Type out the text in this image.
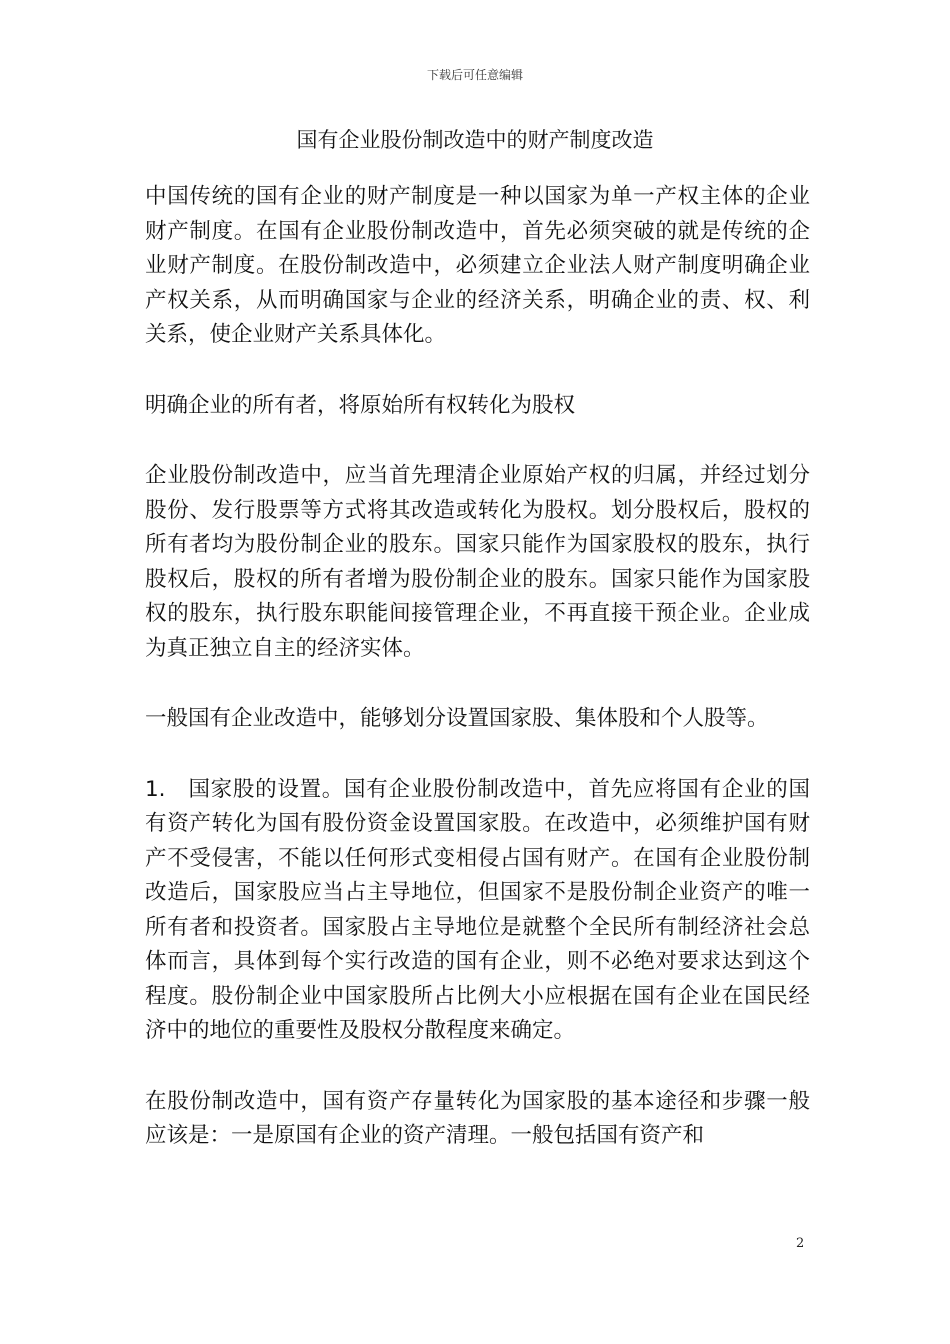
下载后可任意编辑
国有企业股份制改造中的财产制度改造

中国传统的国有企业的财产制度是一种以国家为单一产权主体的企业财产制度。在国有企业股份制改造中，首先必须突破的就是传统的企业财产制度。在股份制改造中，必须建立企业法人财产制度明确企业产权关系，从而明确国家与企业的经济关系，明确企业的责、权、利关系，使企业财产关系具体化。

明确企业的所有者，将原始所有权转化为股权

企业股份制改造中，应当首先理清企业原始产权的归属，并经过划分股份、发行股票等方式将其改造或转化为股权。划分股权后，股权的所有者均为股份制企业的股东。国家只能作为国家股权的股东，执行股权后，股权的所有者增为股份制企业的股东。国家只能作为国家股权的股东，执行股东职能间接管理企业，不再直接干预企业。企业成为真正独立自主的经济实体。

一般国有企业改造中，能够划分设置国家股、集体股和个人股等。

1.　国家股的设置。国有企业股份制改造中，首先应将国有企业的国有资产转化为国有股份资金设置国家股。在改造中，必须维护国有财产不受侵害，不能以任何形式变相侵占国有财产。在国有企业股份制改造后，国家股应当占主导地位，但国家不是股份制企业资产的唯一所有者和投资者。国家股占主导地位是就整个全民所有制经济社会总体而言，具体到每个实行改造的国有企业，则不必绝对要求达到这个程度。股份制企业中国家股所占比例大小应根据在国有企业在国民经济中的地位的重要性及股权分散程度来确定。

在股份制改造中，国有资产存量转化为国家股的基本途径和步骤一般应该是：一是原国有企业的资产清理。一般包括国有资产和

2
